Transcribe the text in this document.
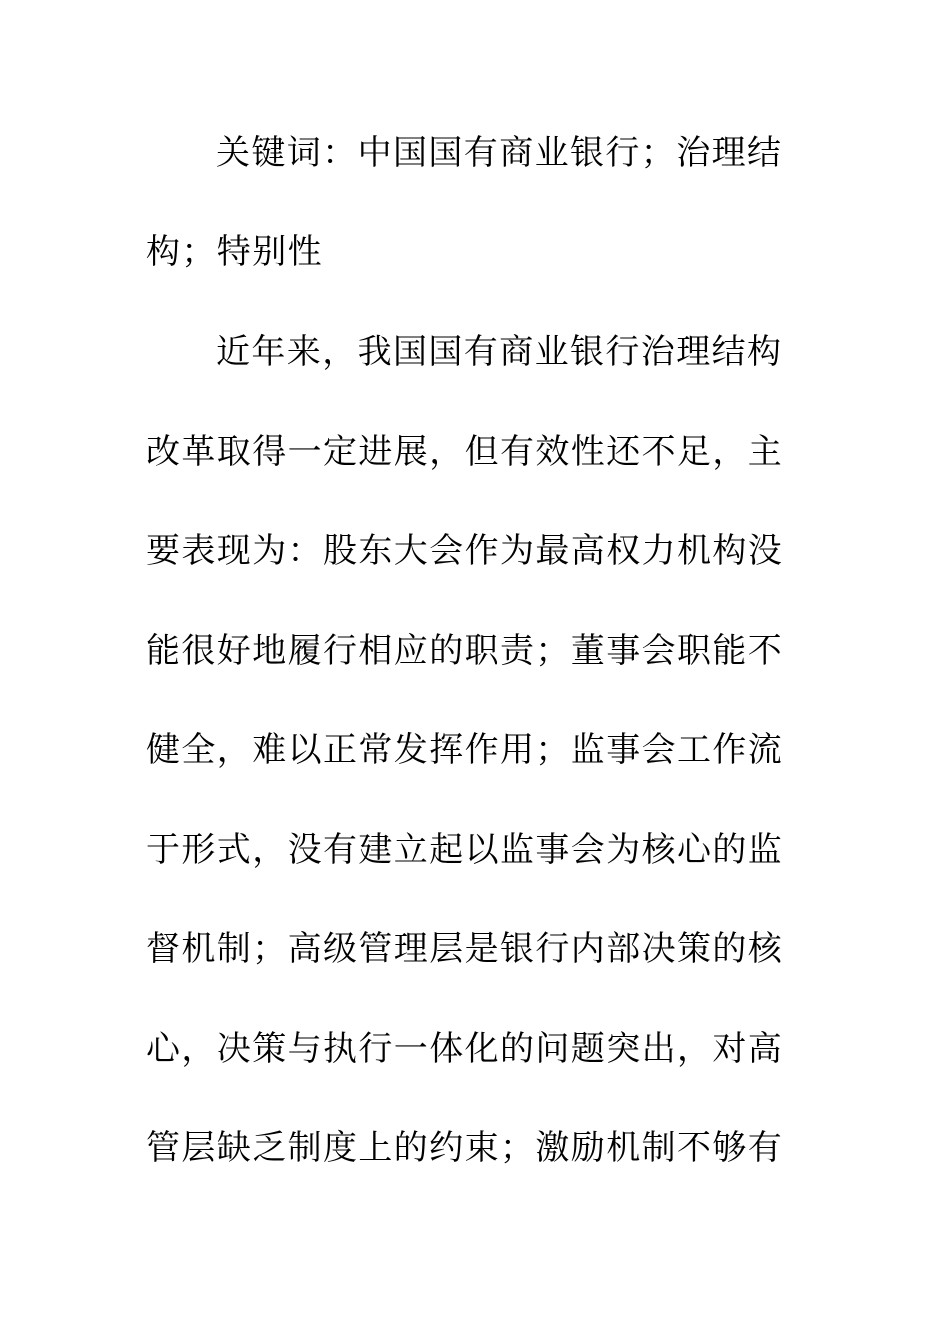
关键词：中国国有商业银行；治理结
构；特别性
近年来，我国国有商业银行治理结构
改革取得一定进展，但有效性还不足，主
要表现为：股东大会作为最高权力机构没
能很好地履行相应的职责；董事会职能不
健全，难以正常发挥作用；监事会工作流
于形式，没有建立起以监事会为核心的监
督机制；高级管理层是银行内部决策的核
心，决策与执行一体化的问题突出，对高
管层缺乏制度上的约束；激励机制不够有
